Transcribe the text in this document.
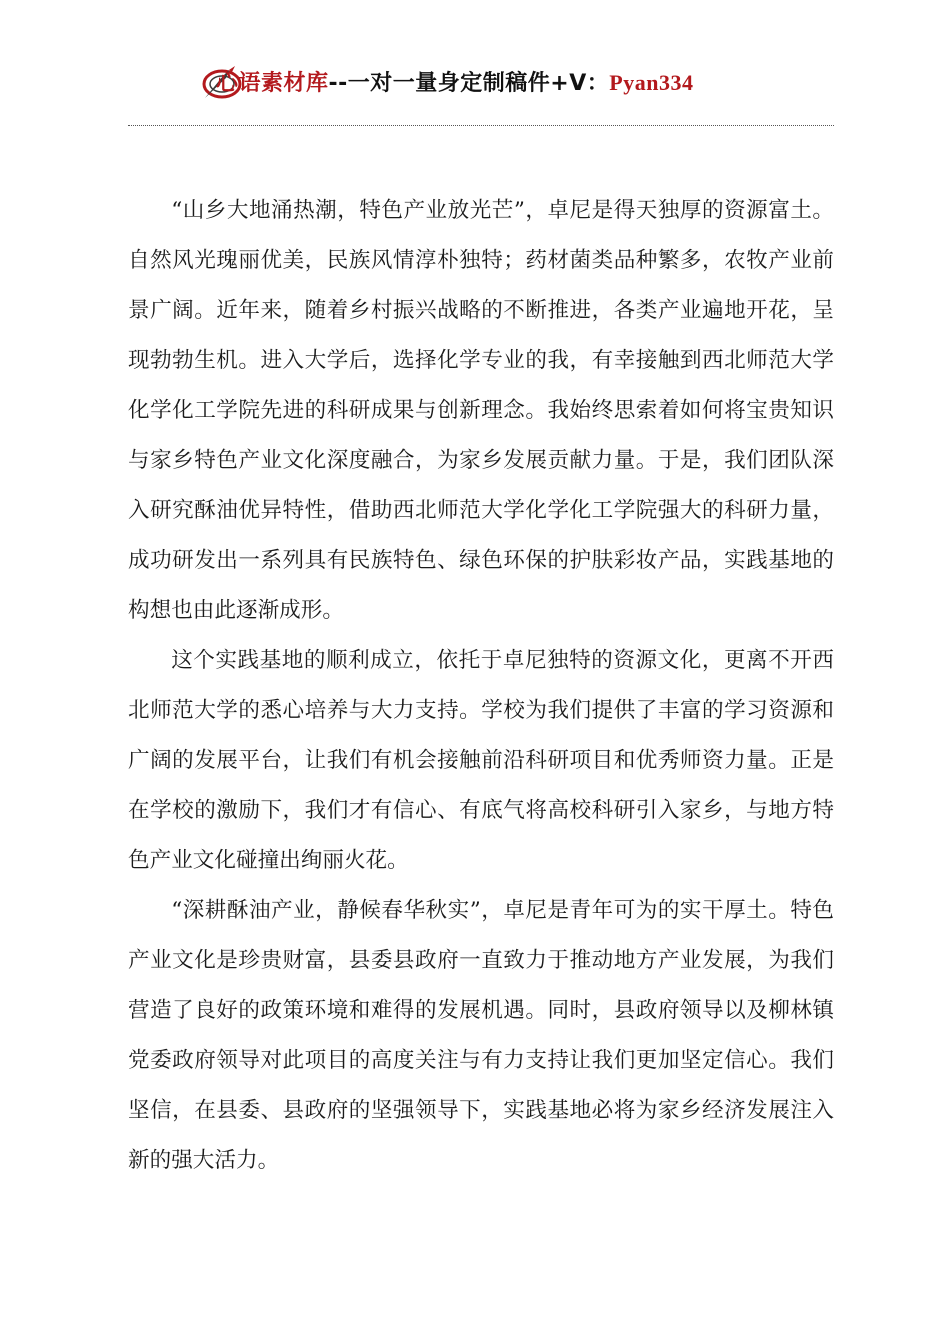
心语素材库--一对一量身定制稿件+V：Pyan334

“山乡大地涌热潮，特色产业放光芒”，卓尼是得天独厚的资源富土。自然风光瑰丽优美，民族风情淳朴独特；药材菌类品种繁多，农牧产业前景广阔。近年来，随着乡村振兴战略的不断推进，各类产业遍地开花，呈现勃勃生机。进入大学后，选择化学专业的我，有幸接触到西北师范大学化学化工学院先进的科研成果与创新理念。我始终思索着如何将宝贵知识与家乡特色产业文化深度融合，为家乡发展贡献力量。于是，我们团队深入研究酥油优异特性，借助西北师范大学化学化工学院强大的科研力量，成功研发出一系列具有民族特色、绿色环保的护肤彩妆产品，实践基地的构想也由此逐渐成形。

这个实践基地的顺利成立，依托于卓尼独特的资源文化，更离不开西北师范大学的悉心培养与大力支持。学校为我们提供了丰富的学习资源和广阔的发展平台，让我们有机会接触前沿科研项目和优秀师资力量。正是在学校的激励下，我们才有信心、有底气将高校科研引入家乡，与地方特色产业文化碰撞出绚丽火花。

“深耕酥油产业，静候春华秋实”，卓尼是青年可为的实干厚土。特色产业文化是珍贵财富，县委县政府一直致力于推动地方产业发展，为我们营造了良好的政策环境和难得的发展机遇。同时，县政府领导以及柳林镇党委政府领导对此项目的高度关注与有力支持让我们更加坚定信心。我们坚信，在县委、县政府的坚强领导下，实践基地必将为家乡经济发展注入新的强大活力。
